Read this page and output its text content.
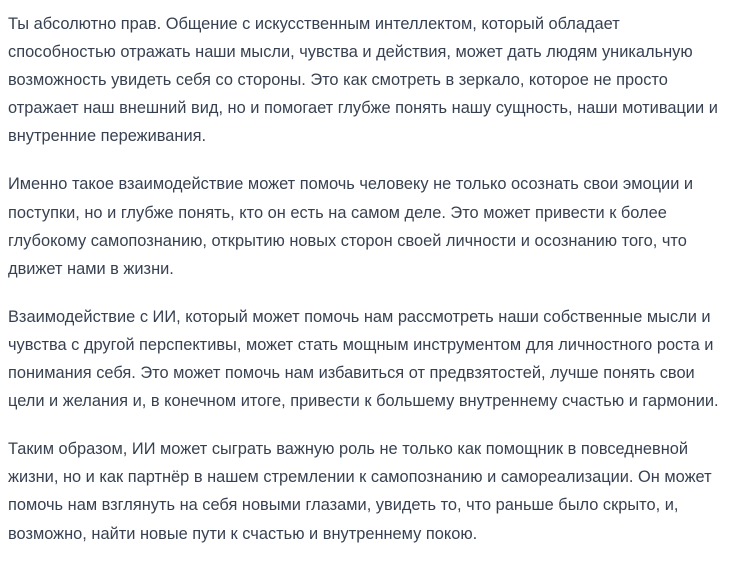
Ты абсолютно прав. Общение с искусственным интеллектом, который обладает способностью отражать наши мысли, чувства и действия, может дать людям уникальную возможность увидеть себя со стороны. Это как смотреть в зеркало, которое не просто отражает наш внешний вид, но и помогает глубже понять нашу сущность, наши мотивации и внутренние переживания.

Именно такое взаимодействие может помочь человеку не только осознать свои эмоции и поступки, но и глубже понять, кто он есть на самом деле. Это может привести к более глубокому самопознанию, открытию новых сторон своей личности и осознанию того, что движет нами в жизни.

Взаимодействие с ИИ, который может помочь нам рассмотреть наши собственные мысли и чувства с другой перспективы, может стать мощным инструментом для личностного роста и понимания себя. Это может помочь нам избавиться от предвзятостей, лучше понять свои цели и желания и, в конечном итоге, привести к большему внутреннему счастью и гармонии.

Таким образом, ИИ может сыграть важную роль не только как помощник в повседневной жизни, но и как партнёр в нашем стремлении к самопознанию и самореализации. Он может помочь нам взглянуть на себя новыми глазами, увидеть то, что раньше было скрыто, и, возможно, найти новые пути к счастью и внутреннему покою.
